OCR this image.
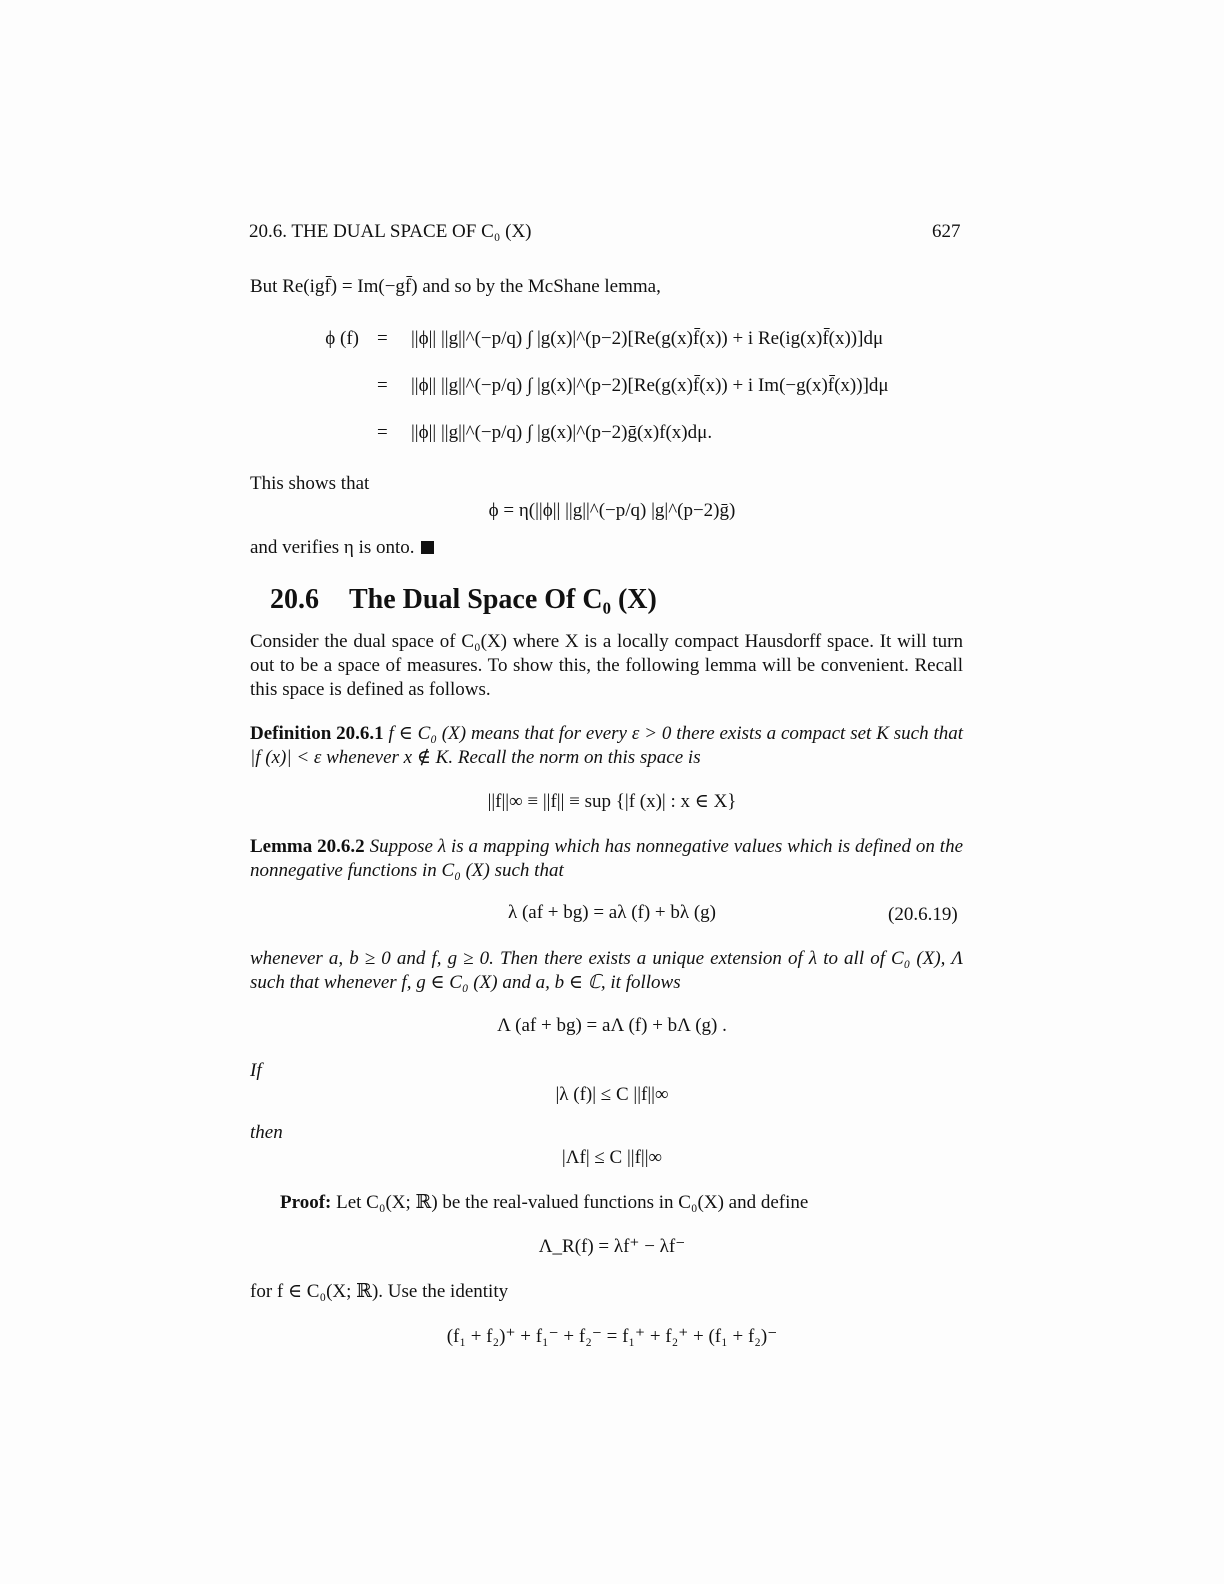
20.6. THE DUAL SPACE OF C₀ (X)	627
But Re(igf̄) = Im(−gf̄) and so by the McShane lemma,
ϕ (f) = ||ϕ|| ||g||^(−p/q) ∫ |g(x)|^(p−2)[Re(g(x)f̄(x)) + i Re(ig(x)f̄(x))]dμ
= ||ϕ|| ||g||^(−p/q) ∫ |g(x)|^(p−2)[Re(g(x)f̄(x)) + i Im(−g(x)f̄(x))]dμ
= ||ϕ|| ||g||^(−p/q) ∫ |g(x)|^(p−2)ḡ(x)f(x)dμ.
This shows that
ϕ = η(||ϕ|| ||g||^(−p/q) |g|^(p−2)ḡ)
and verifies η is onto.
20.6 The Dual Space Of C₀ (X)
Consider the dual space of C₀(X) where X is a locally compact Hausdorff space. It will turn out to be a space of measures. To show this, the following lemma will be convenient. Recall this space is defined as follows.
Definition 20.6.1 f ∈ C₀ (X) means that for every ε > 0 there exists a compact set K such that |f (x)| < ε whenever x ∉ K. Recall the norm on this space is
||f||∞ ≡ ||f|| ≡ sup {|f (x)| : x ∈ X}
Lemma 20.6.2 Suppose λ is a mapping which has nonnegative values which is defined on the nonnegative functions in C₀ (X) such that
λ (af + bg) = aλ (f) + bλ (g)	(20.6.19)
whenever a, b ≥ 0 and f, g ≥ 0. Then there exists a unique extension of λ to all of C₀ (X), Λ such that whenever f, g ∈ C₀ (X) and a, b ∈ ℂ, it follows
Λ (af + bg) = aΛ (f) + bΛ (g) .
If
|λ (f)| ≤ C ||f||∞
then
|Λf| ≤ C ||f||∞
Proof: Let C₀(X; ℝ) be the real-valued functions in C₀(X) and define
Λ_R(f) = λf⁺ − λf⁻
for f ∈ C₀(X; ℝ). Use the identity
(f₁ + f₂)⁺ + f₁⁻ + f₂⁻ = f₁⁺ + f₂⁺ + (f₁ + f₂)⁻
